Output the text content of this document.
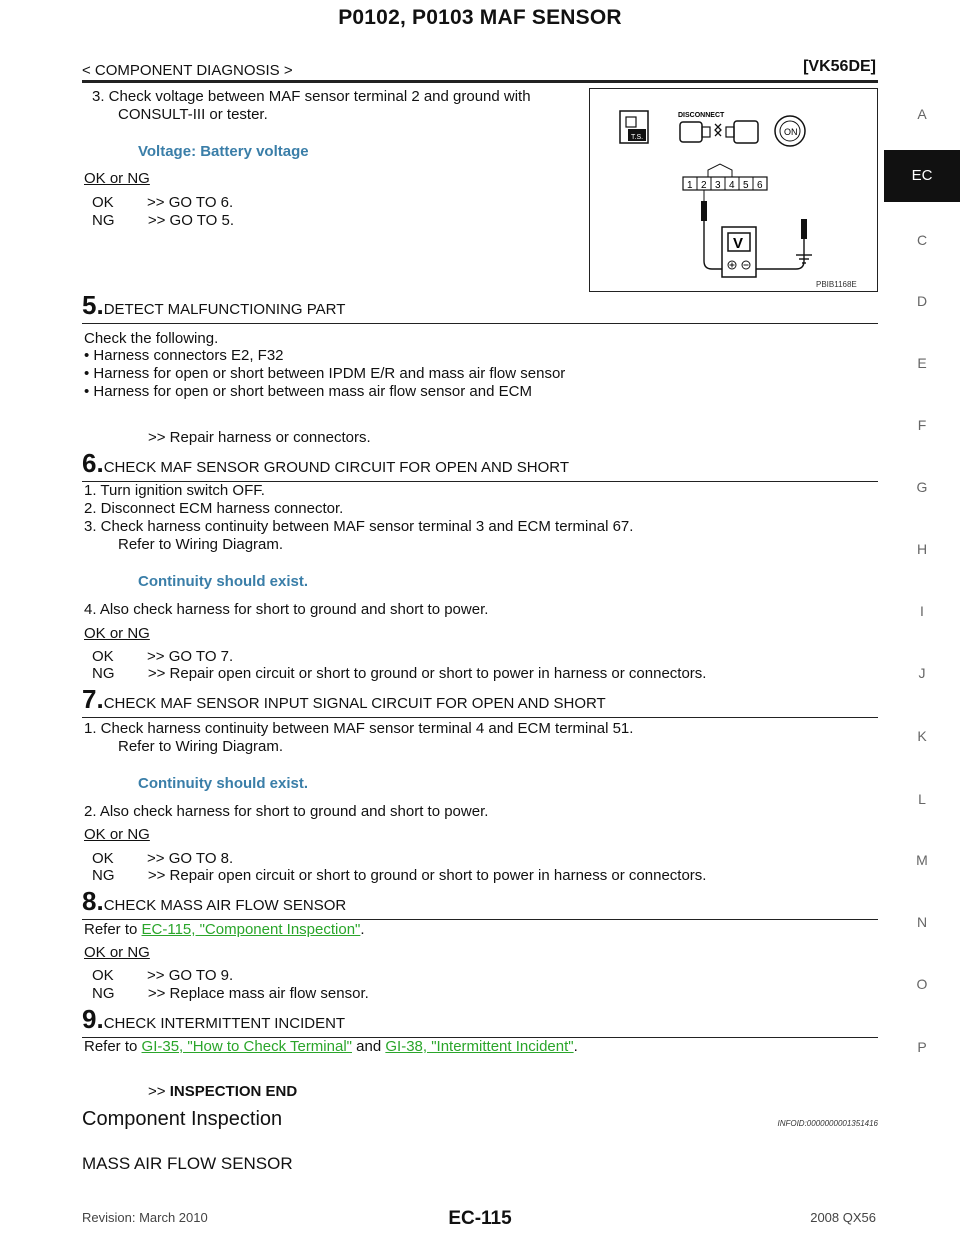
P0102, P0103 MAF SENSOR
< COMPONENT DIAGNOSIS >	[VK56DE]
A
EC
C
D
E
F
G
H
I
J
K
L
M
N
O
P
T.S.
DISCONNECT
ON
1 2 3 4 5 6
V
PBIB1168E
3. Check voltage between MAF sensor terminal 2 and ground with
CONSULT-III or tester.
Voltage: Battery voltage
OK or NG
OK        >> GO TO 6.
NG        >> GO TO 5.
5.DETECT MALFUNCTIONING PART
Check the following.
• Harness connectors E2, F32
• Harness for open or short between IPDM E/R and mass air flow sensor
• Harness for open or short between mass air flow sensor and ECM
>> Repair harness or connectors.
6.CHECK MAF SENSOR GROUND CIRCUIT FOR OPEN AND SHORT
1. Turn ignition switch OFF.
2. Disconnect ECM harness connector.
3. Check harness continuity between MAF sensor terminal 3 and ECM terminal 67.
Refer to Wiring Diagram.
Continuity should exist.
4. Also check harness for short to ground and short to power.
OK or NG
OK        >> GO TO 7.
NG        >> Repair open circuit or short to ground or short to power in harness or connectors.
7.CHECK MAF SENSOR INPUT SIGNAL CIRCUIT FOR OPEN AND SHORT
1. Check harness continuity between MAF sensor terminal 4 and ECM terminal 51.
Refer to Wiring Diagram.
Continuity should exist.
2. Also check harness for short to ground and short to power.
OK or NG
OK        >> GO TO 8.
NG        >> Repair open circuit or short to ground or short to power in harness or connectors.
8.CHECK MASS AIR FLOW SENSOR
Refer to EC-115, "Component Inspection".
OK or NG
OK        >> GO TO 9.
NG        >> Replace mass air flow sensor.
9.CHECK INTERMITTENT INCIDENT
Refer to GI-35, "How to Check Terminal" and GI-38, "Intermittent Incident".
>> INSPECTION END
Component Inspection	INFOID:0000000001351416
MASS AIR FLOW SENSOR
Revision: March 2010	EC-115	2008 QX56
